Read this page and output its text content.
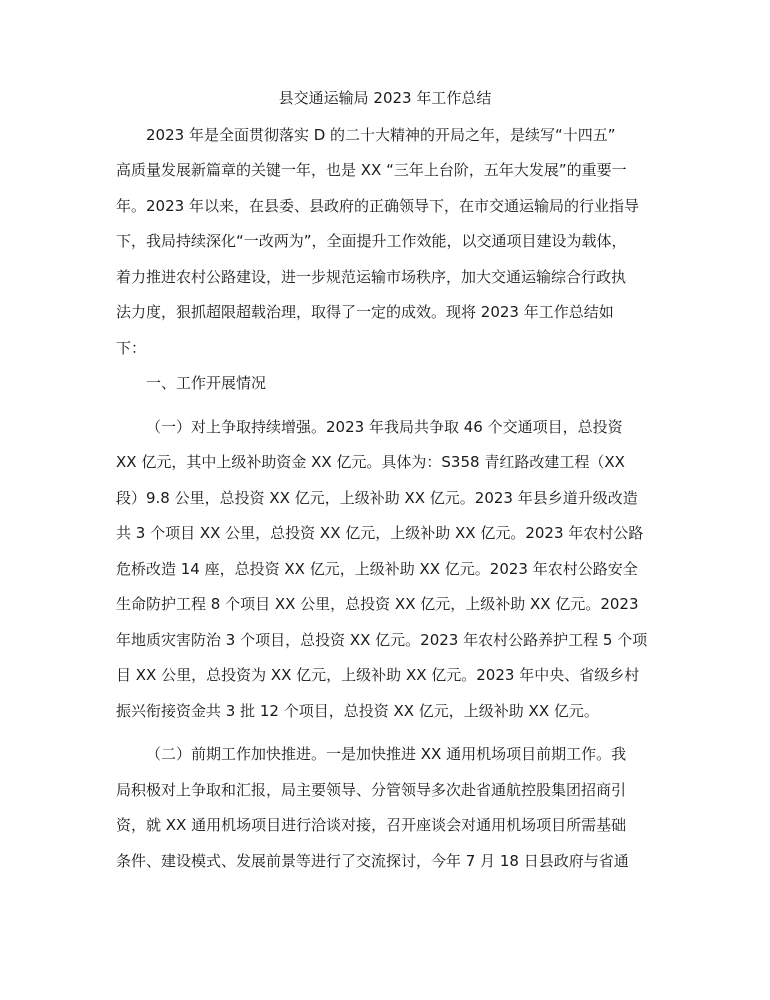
县交通运输局 2023 年工作总结
2023 年是全面贯彻落实 D 的二十大精神的开局之年，是续写“十四五”
高质量发展新篇章的关键一年，也是 XX “三年上台阶，五年大发展”的重要一
年。2023 年以来，在县委、县政府的正确领导下，在市交通运输局的行业指导
下，我局持续深化“一改两为”，全面提升工作效能，以交通项目建设为载体，
着力推进农村公路建设，进一步规范运输市场秩序，加大交通运输综合行政执
法力度，狠抓超限超载治理，取得了一定的成效。现将 2023 年工作总结如
下：
一、工作开展情况
（一）对上争取持续增强。2023 年我局共争取 46 个交通项目，总投资
XX 亿元，其中上级补助资金 XX 亿元。具体为：S358 青红路改建工程（XX
段）9.8 公里，总投资 XX 亿元，上级补助 XX 亿元。2023 年县乡道升级改造
共 3 个项目 XX 公里，总投资 XX 亿元，上级补助 XX 亿元。2023 年农村公路
危桥改造 14 座，总投资 XX 亿元，上级补助 XX 亿元。2023 年农村公路安全
生命防护工程 8 个项目 XX 公里，总投资 XX 亿元，上级补助 XX 亿元。2023
年地质灾害防治 3 个项目，总投资 XX 亿元。2023 年农村公路养护工程 5 个项
目 XX 公里，总投资为 XX 亿元，上级补助 XX 亿元。2023 年中央、省级乡村
振兴衔接资金共 3 批 12 个项目，总投资 XX 亿元，上级补助 XX 亿元。
（二）前期工作加快推进。一是加快推进 XX 通用机场项目前期工作。我
局积极对上争取和汇报，局主要领导、分管领导多次赴省通航控股集团招商引
资，就 XX 通用机场项目进行洽谈对接，召开座谈会对通用机场项目所需基础
条件、建设模式、发展前景等进行了交流探讨，今年 7 月 18 日县政府与省通
